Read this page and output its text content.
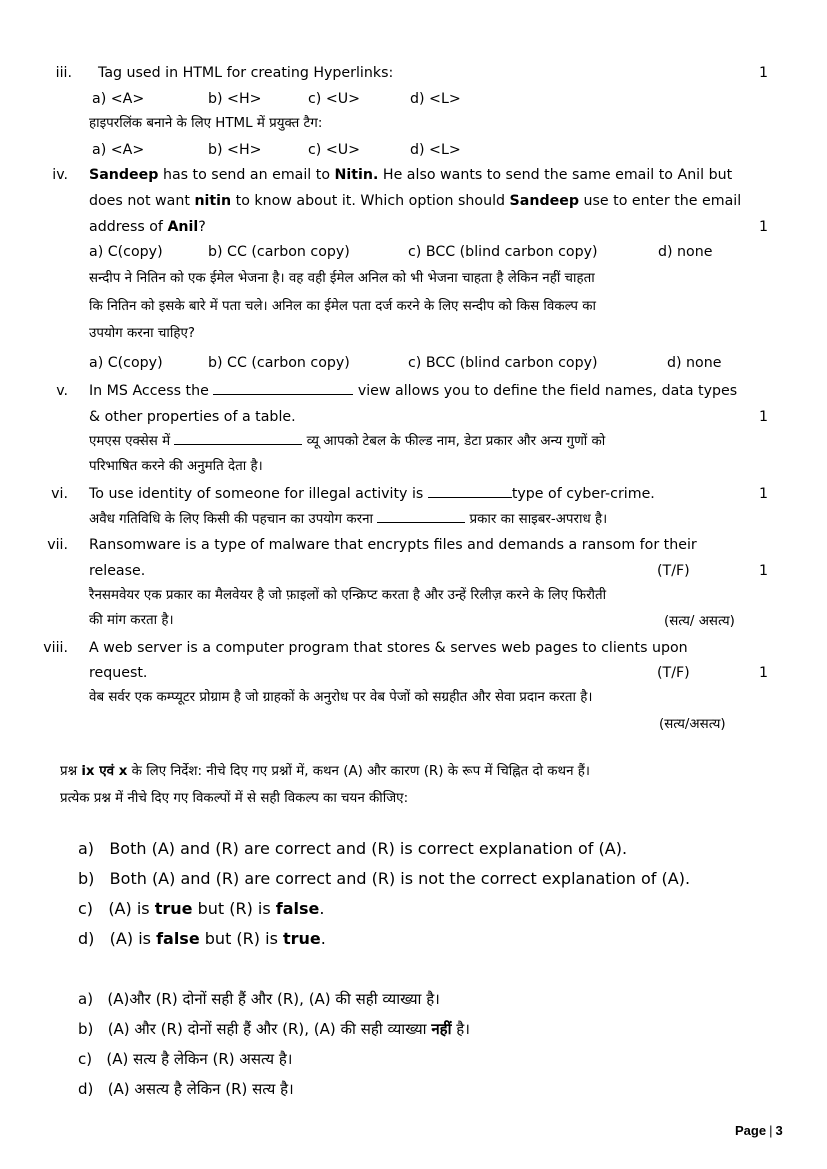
iii. Tag used in HTML for creating Hyperlinks:	1
a) <A>	b) <H>	c) <U>	d) <L>
हाइपरलिंक बनाने के लिए HTML में प्रयुक्त टैग:
a) <A>	b) <H>	c) <U>	d) <L>
iv. Sandeep has to send an email to Nitin. He also wants to send the same email to Anil but
does not want nitin to know about it. Which option should Sandeep use to enter the email
address of Anil?	1
a) C(copy)	b) CC (carbon copy)	c) BCC (blind carbon copy)	d) none
सन्दीप ने नितिन को एक ईमेल भेजना है। वह वही ईमेल अनिल को भी भेजना चाहता है लेकिन नहीं चाहता
कि नितिन को इसके बारे में पता चले। अनिल का ईमेल पता दर्ज करने के लिए सन्दीप को किस विकल्प का
उपयोग करना चाहिए?
a) C(copy)	b) CC (carbon copy)	c) BCC (blind carbon copy)	d) none
v. In MS Access the	view allows you to define the field names, data types
& other properties of a table.	1
एमएस एक्सेस में	व्यू आपको टेबल के फील्ड नाम, डेटा प्रकार और अन्य गुणों को
परिभाषित करने की अनुमति देता है।
vi. To use identity of someone for illegal activity is	type of cyber-crime.	1
अवैध गतिविधि के लिए किसी की पहचान का उपयोग करना	प्रकार का साइबर-अपराध है।
vii. Ransomware is a type of malware that encrypts files and demands a ransom for their
release.	(T/F)	1
रैनसमवेयर एक प्रकार का मैलवेयर है जो फ़ाइलों को एन्क्रिप्ट करता है और उन्हें रिलीज़ करने के लिए फिरौती
की मांग करता है।	(सत्य/ असत्य)
viii. A web server is a computer program that stores & serves web pages to clients upon
request.	(T/F)	1
वेब सर्वर एक कम्प्यूटर प्रोग्राम है जो ग्राहकों के अनुरोध पर वेब पेजों को सग्रहीत और सेवा प्रदान करता है।
(सत्य/असत्य)
प्रश्न ix एवं x के लिए निर्देश: नीचे दिए गए प्रश्नों में, कथन (A) और कारण (R) के रूप में चिह्नित दो कथन हैं।
प्रत्येक प्रश्न में नीचे दिए गए विकल्पों में से सही विकल्प का चयन कीजिए:
a) Both (A) and (R) are correct and (R) is correct explanation of (A).
b) Both (A) and (R) are correct and (R) is not the correct explanation of (A).
c) (A) is true but (R) is false.
d) (A) is false but (R) is true.
a) (A)और (R) दोनों सही हैं और (R), (A) की सही व्याख्या है।
b) (A) और (R) दोनों सही हैं और (R), (A) की सही व्याख्या नहीं है।
c) (A) सत्य है लेकिन (R) असत्य है।
d) (A) असत्य है लेकिन (R) सत्य है।
Page | 3
